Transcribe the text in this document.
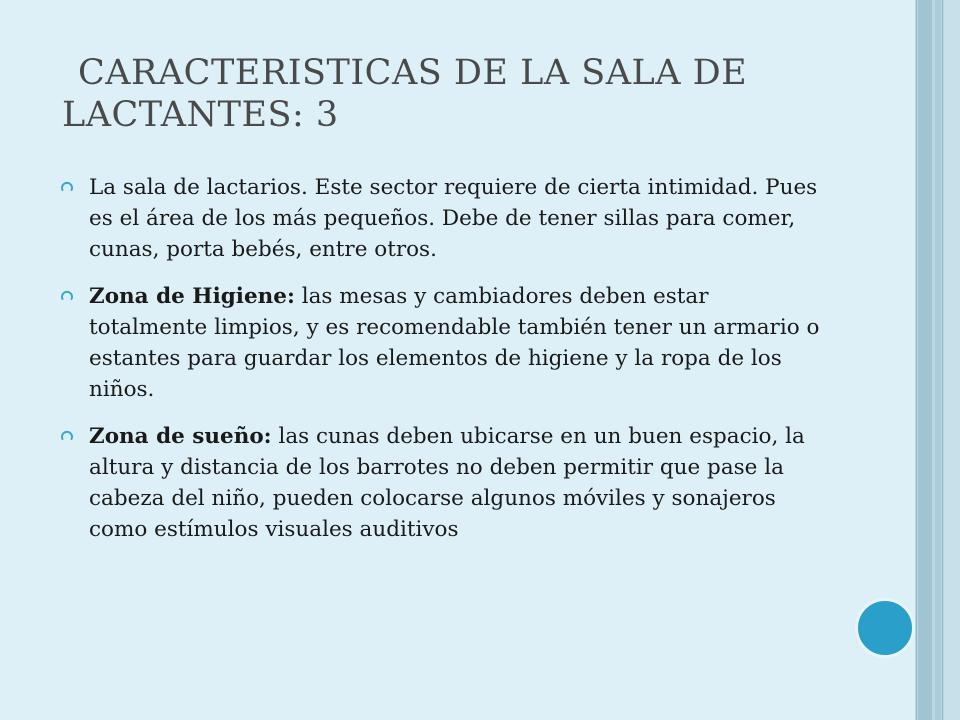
CARACTERISTICAS DE LA SALA DE
LACTANTES: 3
La sala de lactarios. Este sector requiere de cierta intimidad. Pues es el área de los más pequeños. Debe de tener sillas para comer, cunas, porta bebés, entre otros.
Zona de Higiene: las mesas y cambiadores deben estar totalmente limpios, y es recomendable también tener un armario o estantes para guardar los elementos de higiene y la ropa de los niños.
Zona de sueño: las cunas deben ubicarse en un buen espacio, la altura y distancia de los barrotes no deben permitir que pase la cabeza del niño, pueden colocarse algunos móviles y sonajeros como estímulos visuales auditivos
